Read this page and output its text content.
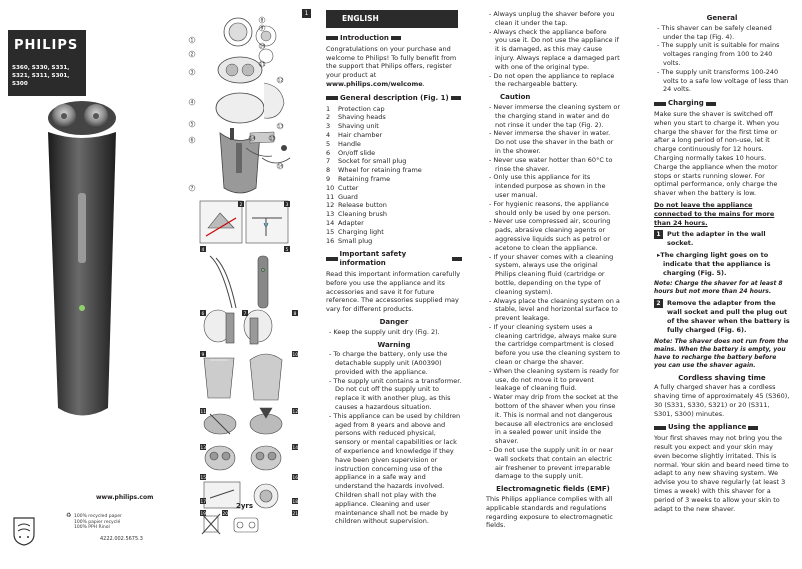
PHILIPS
S360, S330, S331,
S321, S311, S301,
S300
www.philips.com
♻ 100% recycled paper
100% papier recyclé
100% PPH Rinol
4222.002.5675.3
1
2
3
4
5
6
7
8
9
10
11
12
13
14	15
16
2	3
4	5
6	7	8
9	10
11	12
13	14
15	16
17	18
19	20	21
2yrs
1
ENGLISH
Introduction
Congratulations on your purchase and welcome to Philips! To fully benefit from the support that Philips offers, register your product at www.philips.com/welcome.
General description (Fig. 1)
1	Protection cap
2	Shaving heads
3	Shaving unit
4	Hair chamber
5	Handle
6	On/off slide
7	Socket for small plug
8	Wheel for retaining frame
9	Retaining frame
10 Cutter
11 Guard
12 Release button
13 Cleaning brush
14 Adapter
15 Charging light
16 Small plug
Important safety information
Read this important information carefully before you use the appliance and its accessories and save it for future reference. The accessories supplied may vary for different products.
Danger
- Keep the supply unit dry (Fig. 2).
Warning
- To charge the battery, only use the detachable supply unit (A00390) provided with the appliance.
- The supply unit contains a transformer. Do not cut off the supply unit to replace it with another plug, as this causes a hazardous situation.
- This appliance can be used by children aged from 8 years and above and persons with reduced physical, sensory or mental capabilities or lack of experience and knowledge if they have been given supervision or instruction concerning use of the appliance in a safe way and understand the hazards involved. Children shall not play with the appliance. Cleaning and user maintenance shall not be made by children without supervision.
- Always unplug the shaver before you clean it under the tap.
- Always check the appliance before you use it. Do not use the appliance if it is damaged, as this may cause injury. Always replace a damaged part with one of the original type.
- Do not open the appliance to replace the rechargeable battery.
Caution
- Never immerse the cleaning system or the charging stand in water and do not rinse it under the tap (Fig. 2).
- Never immerse the shaver in water. Do not use the shaver in the bath or in the shower.
- Never use water hotter than 60°C to rinse the shaver.
- Only use this appliance for its intended purpose as shown in the user manual.
- For hygienic reasons, the appliance should only be used by one person.
- Never use compressed air, scouring pads, abrasive cleaning agents or aggressive liquids such as petrol or acetone to clean the appliance.
- If your shaver comes with a cleaning system, always use the original Philips cleaning fluid (cartridge or bottle, depending on the type of cleaning system).
- Always place the cleaning system on a stable, level and horizontal surface to prevent leakage.
- If your cleaning system uses a cleaning cartridge, always make sure the cartridge compartment is closed before you use the cleaning system to clean or charge the shaver.
- When the cleaning system is ready for use, do not move it to prevent leakage of cleaning fluid.
- Water may drip from the socket at the bottom of the shaver when you rinse it. This is normal and not dangerous because all electronics are enclosed in a sealed power unit inside the shaver.
- Do not use the supply unit in or near wall sockets that contain an electric air freshener to prevent irreparable damage to the supply unit.
Electromagnetic fields (EMF)
This Philips appliance complies with all applicable standards and regulations regarding exposure to electromagnetic fields.
General
- This shaver can be safely cleaned under the tap (Fig. 4).
- The supply unit is suitable for mains voltages ranging from 100 to 240 volts.
- The supply unit transforms 100-240 volts to a safe low voltage of less than 24 volts.
Charging
Make sure the shaver is switched off when you start to charge it. When you charge the shaver for the first time or after a long period of non-use, let it charge continuously for 12 hours. Charging normally takes 10 hours. Charge the appliance when the motor stops or starts running slower. For optimal performance, only charge the shaver when the battery is low.
Do not leave the appliance connected to the mains for more than 24 hours.
1 Put the adapter in the wall socket.
▸The charging light goes on to indicate that the appliance is charging (Fig. 5).
Note: Charge the shaver for at least 8 hours but not more than 24 hours.
2 Remove the adapter from the wall socket and pull the plug out of the shaver when the battery is fully charged (Fig. 6).
Note: The shaver does not run from the mains. When the battery is empty, you have to recharge the battery before you can use the shaver again.
Cordless shaving time
A fully charged shaver has a cordless shaving time of approximately 45 (S360), 30 (S331, S330, S321) or 20 (S311, S301, S300) minutes.
Using the appliance
Your first shaves may not bring you the result you expect and your skin may even become slightly irritated. This is normal. Your skin and beard need time to adapt to any new shaving system. We advise you to shave regularly (at least 3 times a week) with this shaver for a period of 3 weeks to allow your skin to adapt to the new shaver.
